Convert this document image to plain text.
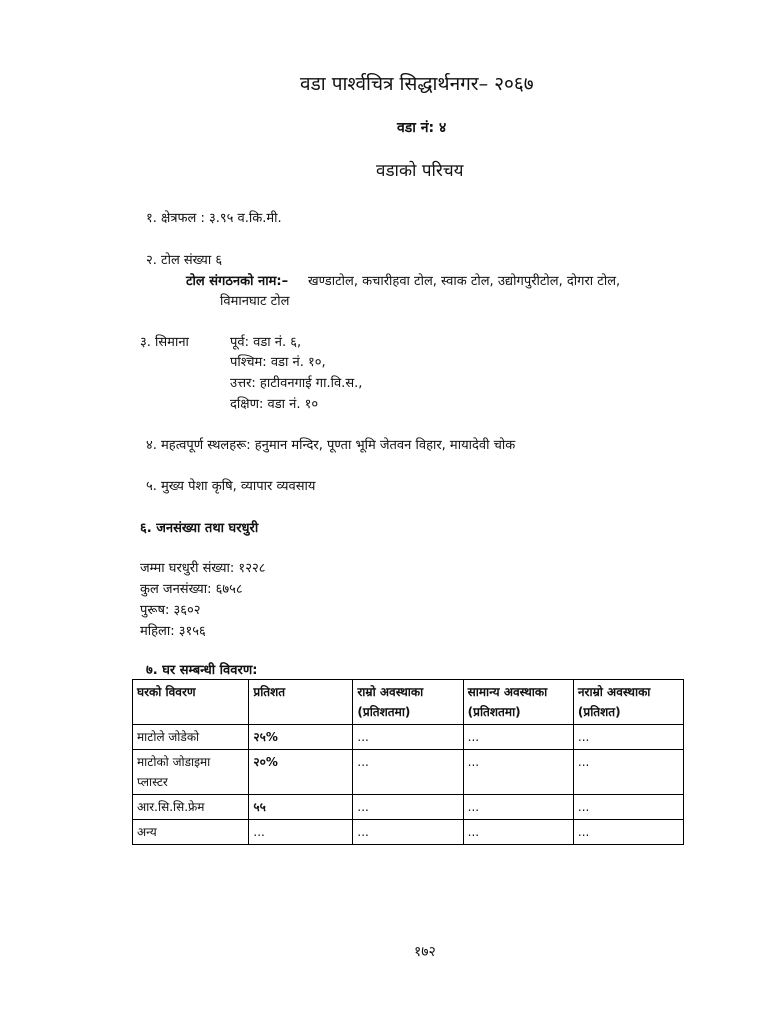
वडा पार्श्वचित्र सिद्धार्थनगर– २०६७
वडा नं: ४
वडाको परिचय
१. क्षेत्रफल : ३.९५ व.कि.मी.
२. टोल संख्या ६
टोल संगठनको नाम:– खण्डाटोल, कचारीहवा टोल, स्वाक टोल, उद्योगपुरीटोल, दोगरा टोल,
विमानघाट टोल
३. सिमाना	पूर्व: वडा नं. ६,
पश्चिम: वडा नं. १०,
उत्तर: हाटीवनगाई गा.वि.स.,
दक्षिण: वडा नं. १०
४. महत्वपूर्ण स्थलहरू: हनुमान मन्दिर, पूण्ता भूमि जेतवन विहार, मायादेवी चोक
५. मुख्य पेशा कृषि, व्यापार व्यवसाय
६. जनसंख्या तथा घरधुरी
जम्मा घरधुरी संख्या: १२२८
कुल जनसंख्या: ६७५८
पुरूष: ३६०२
महिला: ३१५६
७. घर सम्बन्धी विवरण:
घरको विवरण	प्रतिशत	राम्रो अवस्थाका (प्रतिशतमा)	सामान्य अवस्थाका (प्रतिशतमा)	नराम्रो अवस्थाका (प्रतिशत)
माटोले जोडेको	२५%	...	...	...
माटोको जोडाइमा प्लास्टर	२०%	...	...	...
आर.सि.सि.फ्रेम	५५	...	...	...
अन्य	...	...	...	...
१७२
